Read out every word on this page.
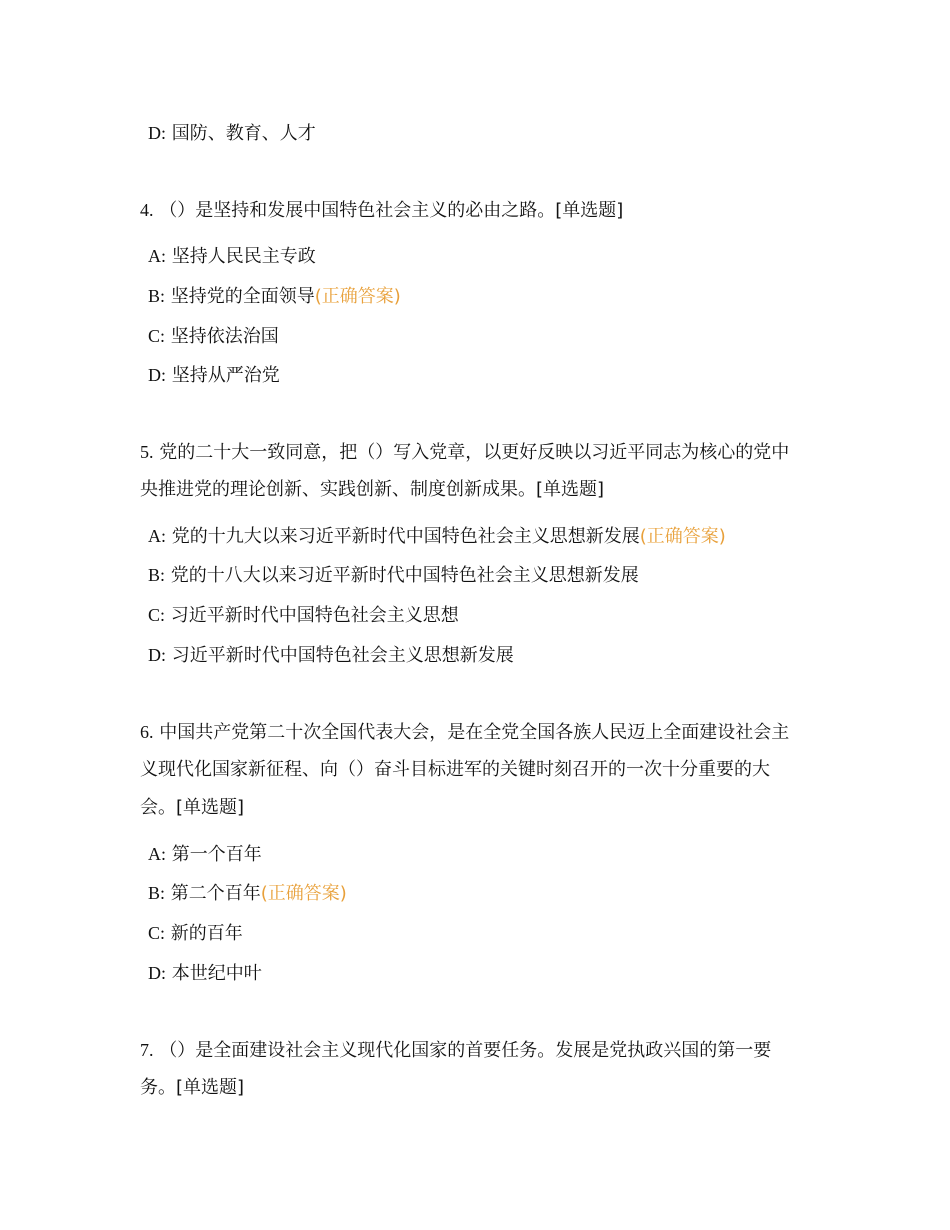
D: 国防、教育、人才
4. （）是坚持和发展中国特色社会主义的必由之路。[单选题]
A: 坚持人民民主专政
B: 坚持党的全面领导(正确答案)
C: 坚持依法治国
D: 坚持从严治党
5. 党的二十大一致同意，把（）写入党章，以更好反映以习近平同志为核心的党中
央推进党的理论创新、实践创新、制度创新成果。[单选题]
A: 党的十九大以来习近平新时代中国特色社会主义思想新发展(正确答案)
B: 党的十八大以来习近平新时代中国特色社会主义思想新发展
C: 习近平新时代中国特色社会主义思想
D: 习近平新时代中国特色社会主义思想新发展
6. 中国共产党第二十次全国代表大会，是在全党全国各族人民迈上全面建设社会主
义现代化国家新征程、向（）奋斗目标进军的关键时刻召开的一次十分重要的大
会。[单选题]
A: 第一个百年
B: 第二个百年(正确答案)
C: 新的百年
D: 本世纪中叶
7. （）是全面建设社会主义现代化国家的首要任务。发展是党执政兴国的第一要
务。[单选题]
